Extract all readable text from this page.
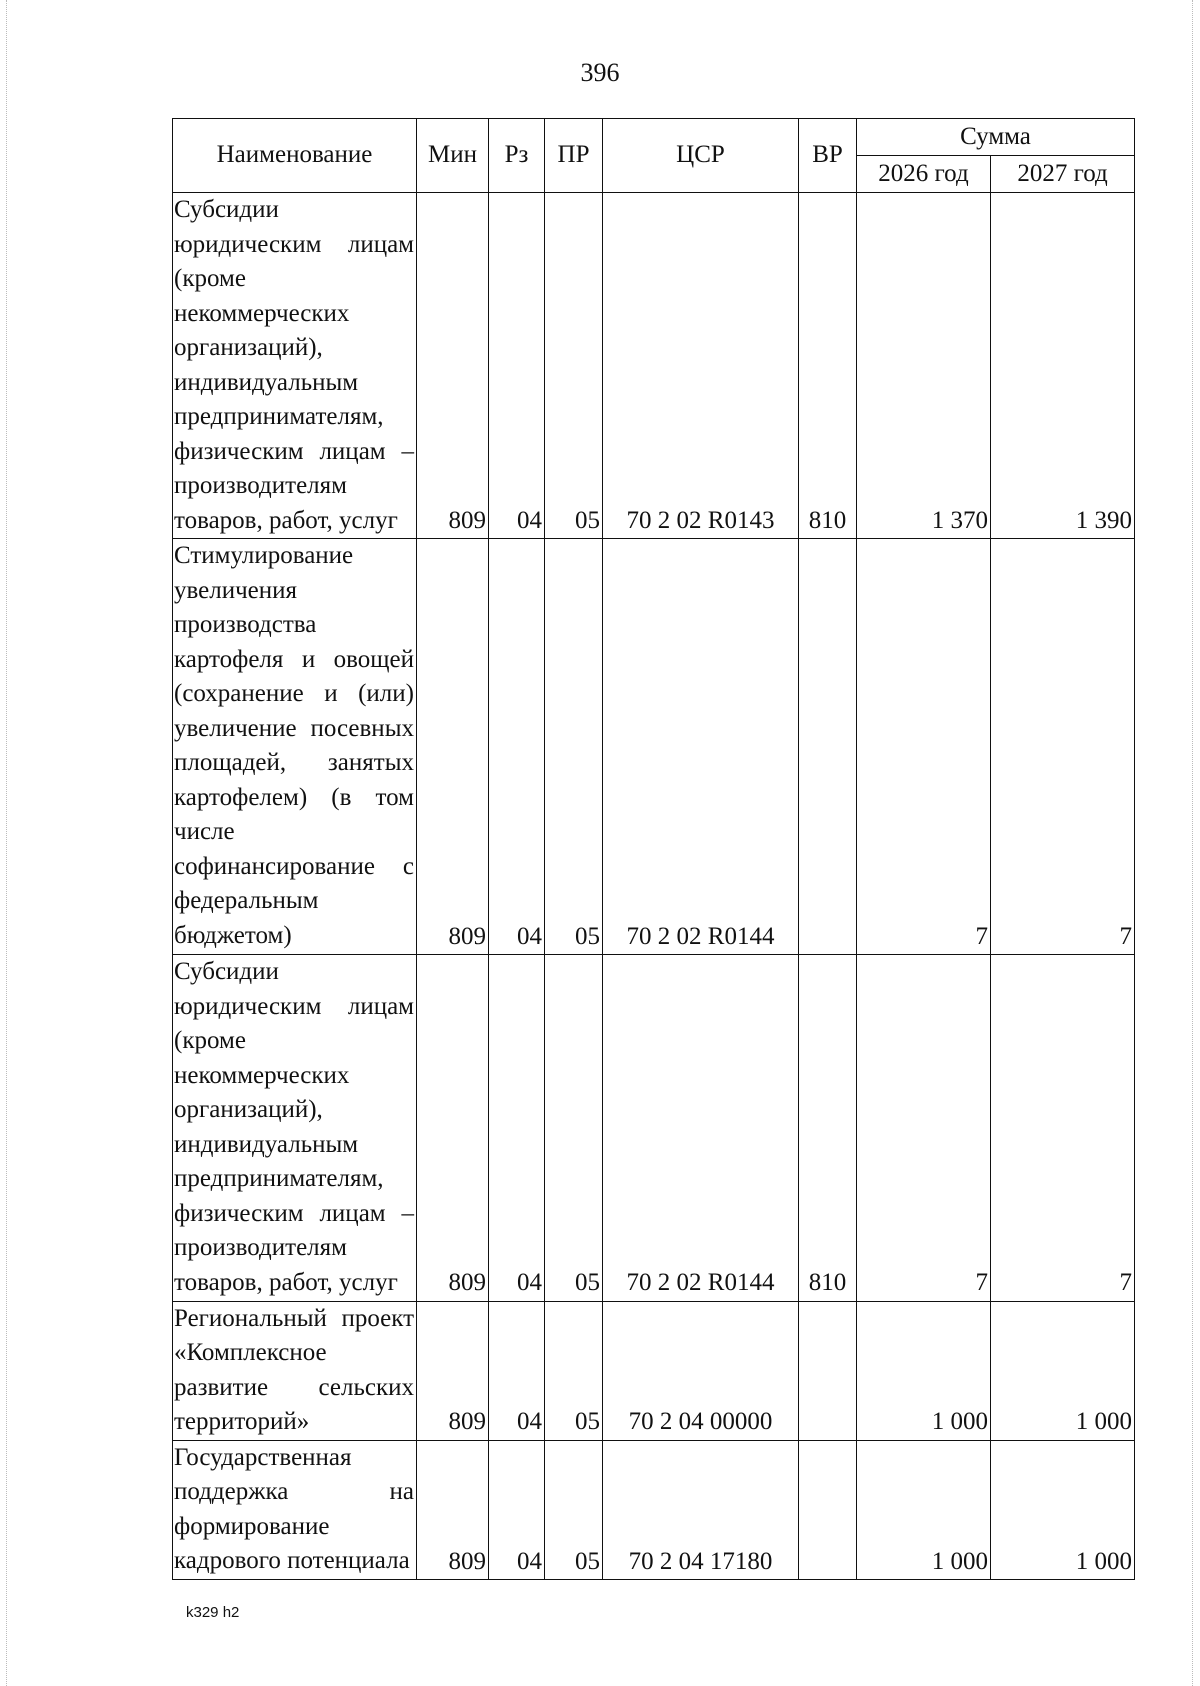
396
Наименование	Мин	Рз	ПР	ЦСР	ВР	Сумма	
						2026 год	2027 год
Субсидии юридическим лицам (кроме некоммерческих организаций), индивидуальным предпринимателям, физическим лицам – производителям товаров, работ, услуг	809	04	05	70 2 02 R0143	810	1 370	1 390
Стимулирование увеличения производства картофеля и овощей (сохранение и (или) увеличение посевных площадей, занятых картофелем) (в том числе софинансирование с федеральным бюджетом)	809	04	05	70 2 02 R0144		7	7
Субсидии юридическим лицам (кроме некоммерческих организаций), индивидуальным предпринимателям, физическим лицам – производителям товаров, работ, услуг	809	04	05	70 2 02 R0144	810	7	7
Региональный проект «Комплексное развитие сельских территорий»	809	04	05	70 2 04 00000		1 000	1 000
Государственная поддержка на формирование кадрового потенциала	809	04	05	70 2 04 17180		1 000	1 000
k329 h2
